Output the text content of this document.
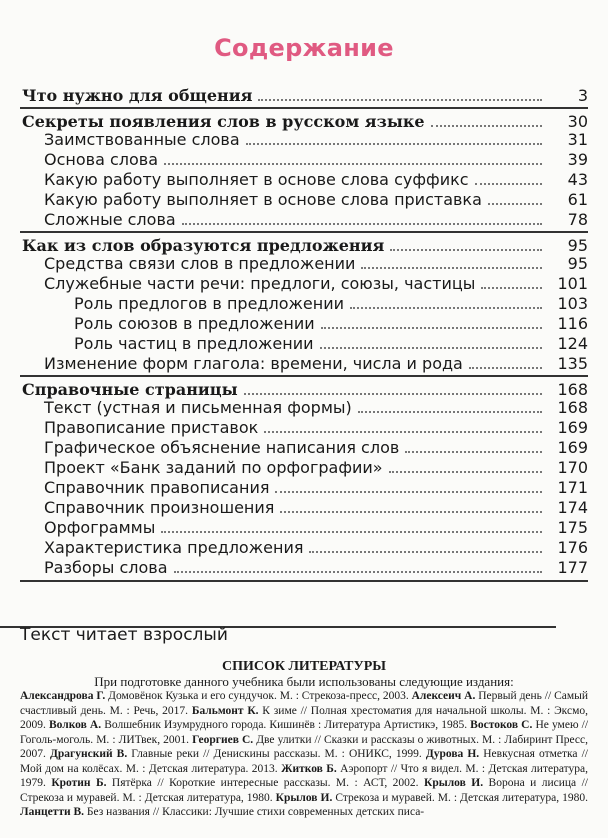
Содержание
Что нужно для общения	3
Секреты появления слов в русском языке	30
Заимствованные слова	31
Основа слова	39
Какую работу выполняет в основе слова суффикс	43
Какую работу выполняет в основе слова приставка	61
Сложные слова	78
Как из слов образуются предложения	95
Средства связи слов в предложении	95
Служебные части речи: предлоги, союзы, частицы	101
Роль предлогов в предложении	103
Роль союзов в предложении	116
Роль частиц в предложении	124
Изменение форм глагола: времени, числа и рода	135
Справочные страницы	168
Текст (устная и письменная формы)	168
Правописание приставок	169
Графическое объяснение написания слов	169
Проект «Банк заданий по орфографии»	170
Справочник правописания	171
Справочник произношения	174
Орфограммы	175
Характеристика предложения	176
Разборы слова	177
Текст читает взрослый
СПИСОК ЛИТЕРАТУРЫ
При подготовке данного учебника были использованы следующие издания:
Александрова Г. Домовёнок Кузька и его сундучок. М. : Стрекоза-пресс, 2003. Алексеич А. Первый день // Самый счастливый день. М. : Речь, 2017. Бальмонт К. К зиме // Полная хрестоматия для начальной школы. М. : Эксмо, 2009. Волков А. Волшебник Изумрудного города. Кишинёв : Литература Артистикэ, 1985. Востоков С. Не умею // Гоголь-моголь. М. : ЛИТвек, 2001. Георгиев С. Две улитки // Сказки и рассказы о животных. М. : Лабиринт Пресс, 2007. Драгунский В. Главные реки // Денискины рассказы. М. : ОНИКС, 1999. Дурова Н. Невкусная отметка // Мой дом на колёсах. М. : Детская литература. 2013. Житков Б. Аэропорт // Что я видел. М. : Детская литература, 1979. Кротин Б. Пятёрка // Короткие интересные рассказы. М. : АСТ, 2002. Крылов И. Ворона и лисица // Стрекоза и муравей. М. : Детская литература, 1980. Крылов И. Стрекоза и муравей. М. : Детская литература, 1980. Ланцетти В. Без названия // Классики: Лучшие стихи современных детских писа-
